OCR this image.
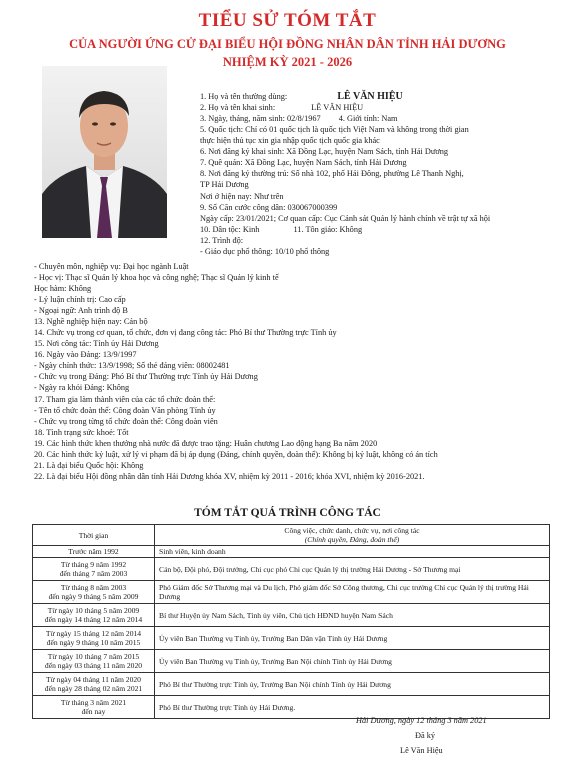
TIỂU SỬ TÓM TẮT
CỦA NGƯỜI ỨNG CỬ ĐẠI BIỂU HỘI ĐỒNG NHÂN DÂN TỈNH HẢI DƯƠNG
NHIỆM KỲ 2021 - 2026
1. Họ và tên thường dùng:	LÊ VĂN HIỆU
2. Họ và tên khai sinh:	LÊ VĂN HIỆU
3. Ngày, tháng, năm sinh: 02/8/1967 4. Giới tính: Nam
5. Quốc tịch: Chỉ có 01 quốc tịch là quốc tịch Việt Nam và không trong thời gian
thực hiện thủ tục xin gia nhập quốc tịch quốc gia khác
6. Nơi đăng ký khai sinh: Xã Đồng Lạc, huyện Nam Sách, tỉnh Hải Dương
7. Quê quán: Xã Đồng Lạc, huyện Nam Sách, tỉnh Hải Dương
8. Nơi đăng ký thường trú: Số nhà 102, phố Hải Đông, phường Lê Thanh Nghị,
TP Hải Dương
Nơi ở hiện nay: Như trên
9. Số Căn cước công dân: 030067000399
Ngày cấp: 23/01/2021; Cơ quan cấp: Cục Cảnh sát Quản lý hành chính về trật tự xã hội
10. Dân tộc: Kinh	11. Tôn giáo: Không
12. Trình độ:
- Giáo dục phổ thông: 10/10 phổ thông
- Chuyên môn, nghiệp vụ: Đại học ngành Luật
- Học vị: Thạc sĩ Quản lý khoa học và công nghệ; Thạc sĩ Quản lý kinh tế
Học hàm: Không
- Lý luận chính trị: Cao cấp
- Ngoại ngữ: Anh trình độ B
13. Nghề nghiệp hiện nay: Cán bộ
14. Chức vụ trong cơ quan, tổ chức, đơn vị đang công tác: Phó Bí thư Thường trực Tỉnh ủy
15. Nơi công tác: Tỉnh ủy Hải Dương
16. Ngày vào Đảng: 13/9/1997
- Ngày chính thức: 13/9/1998; Số thẻ đảng viên: 08002481
- Chức vụ trong Đảng: Phó Bí thư Thường trực Tỉnh ủy Hải Dương
- Ngày ra khỏi Đảng: Không
17. Tham gia làm thành viên của các tổ chức đoàn thể:
- Tên tổ chức đoàn thể: Công đoàn Văn phòng Tỉnh ủy
- Chức vụ trong từng tổ chức đoàn thể: Công đoàn viên
18. Tình trạng sức khoẻ: Tốt
19. Các hình thức khen thưởng nhà nước đã được trao tặng: Huân chương Lao động hạng Ba năm 2020
20. Các hình thức kỷ luật, xử lý vi phạm đã bị áp dụng (Đảng, chính quyền, đoàn thể): Không bị kỷ luật, không có án tích
21. Là đại biểu Quốc hội: Không
22. Là đại biểu Hội đồng nhân dân tỉnh Hải Dương khóa XV, nhiệm kỳ 2011 - 2016; khóa XVI, nhiệm kỳ 2016-2021.
TÓM TẮT QUÁ TRÌNH CÔNG TÁC
Thời gian	Công việc, chức danh, chức vụ, nơi công tác
(Chính quyền, Đảng, đoàn thể)

Trước năm 1992	Sinh viên, kinh doanh

Từ tháng 9 năm 1992
đến tháng 7 năm 2003	Cán bộ, Đội phó, Đội trưởng, Chi cục phó Chi cục Quản lý thị trường Hải Dương - Sở Thương mại

Từ tháng 8 năm 2003
đến ngày 9 tháng 5 năm 2009	Phó Giám đốc Sở Thương mại và Du lịch, Phó giám đốc Sở Công thương, Chi cục trưởng Chi cục Quản lý thị trường Hải Dương

Từ ngày 10 tháng 5 năm 2009
đến ngày 14 tháng 12 năm 2014	Bí thư Huyện ủy Nam Sách, Tỉnh ủy viên, Chủ tịch HĐND huyện Nam Sách

Từ ngày 15 tháng 12 năm 2014
đến ngày 9 tháng 10 năm 2015	Ủy viên Ban Thường vụ Tỉnh ủy, Trưởng Ban Dân vận Tỉnh ủy Hải Dương

Từ ngày 10 tháng 7 năm 2015
đến ngày 03 tháng 11 năm 2020	Ủy viên Ban Thường vụ Tỉnh ủy, Trưởng Ban Nội chính Tỉnh ủy Hải Dương

Từ ngày 04 tháng 11 năm 2020
đến ngày 28 tháng 02 năm 2021	Phó Bí thư Thường trực Tỉnh ủy, Trưởng Ban Nội chính Tỉnh ủy Hải Dương

Từ tháng 3 năm 2021
đến nay	Phó Bí thư Thường trực Tỉnh ủy Hải Dương.
Hải Dương, ngày 12 tháng 3 năm 2021
Đã ký
Lê Văn Hiệu
